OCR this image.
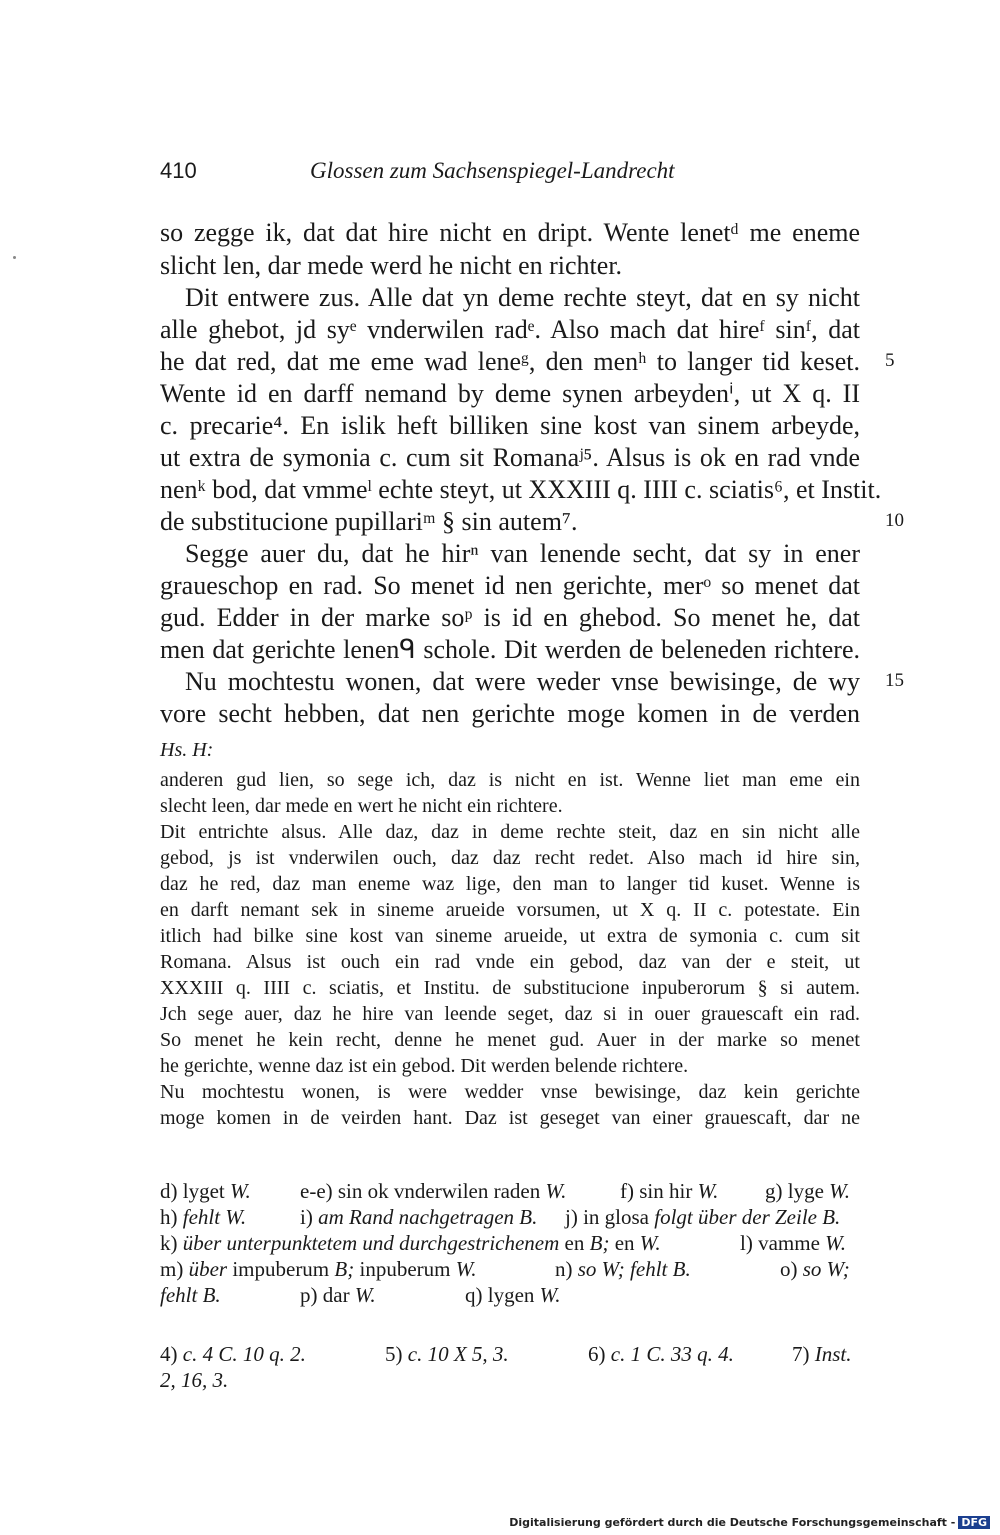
410	Glossen zum Sachsenspiegel-Landrecht
so zegge ik, dat dat hire nicht en dript. Wente lenetᵈ me eneme
slicht len, dar mede werd he nicht en richter.
Dit entwere zus. Alle dat yn deme rechte steyt, dat en sy nicht
alle ghebot, jd syᵉ vnderwilen radᵉ. Also mach dat hireᶠ sinᶠ, dat
he dat red, dat me eme wad leneᵍ, den menʰ to langer tid keset.
Wente id en darff nemand by deme synen arbeydenⁱ, ut X q. II
c. precarie⁴. En islik heft billiken sine kost van sinem arbeyde,
ut extra de symonia c. cum sit Romanaʲ⁵. Alsus is ok en rad vnde
nenᵏ bod, dat vmmeˡ echte steyt, ut XXXIII q. IIII c. sciatis⁶, et Instit.
de substitucione pupillariᵐ § sin autem⁷.
Segge auer du, dat he hirⁿ van lenende secht, dat sy in ener
graueschop en rad. So menet id nen gerichte, merᵒ so menet dat
gud. Edder in der marke soᵖ is id en ghebod. So menet he, dat
men dat gerichte lenenᑫ schole. Dit werden de beleneden richtere.
Nu mochtestu wonen, dat were weder vnse bewisinge, de wy
vore secht hebben, dat nen gerichte moge komen in de verden
5
10
15
Hs. H:
anderen gud lien, so sege ich, daz is nicht en ist. Wenne liet man eme ein
slecht leen, dar mede en wert he nicht ein richtere.
Dit entrichte alsus. Alle daz, daz in deme rechte steit, daz en sin nicht alle
gebod, js ist vnderwilen ouch, daz daz recht redet. Also mach id hire sin,
daz he red, daz man eneme waz lige, den man to langer tid kuset. Wenne is
en darft nemant sek in sineme arueide vorsumen, ut X q. II c. potestate. Ein
itlich had bilke sine kost van sineme arueide, ut extra de symonia c. cum sit
Romana. Alsus ist ouch ein rad vnde ein gebod, daz van der e steit, ut
XXXIII q. IIII c. sciatis, et Institu. de substitucione inpuberorum § si autem.
Jch sege auer, daz he hire van leende seget, daz si in ouer grauescaft ein rad.
So menet he kein recht, denne he menet gud. Auer in der marke so menet
he gerichte, wenne daz ist ein gebod. Dit werden belende richtere.
Nu mochtestu wonen, is were wedder vnse bewisinge, daz kein gerichte
moge komen in de veirden hant. Daz ist geseget van einer grauescaft, dar ne
d) lyget W. e-e) sin ok vnderwilen raden W.	f) sin hir W. g) lyge W.
h) fehlt W.	i) am Rand nachgetragen B. j) in glosa folgt über der Zeile B.
k) über unterpunktetem und durchgestrichenem en B; en W.	l) vamme W.
m) über impuberum B; inpuberum W.	n) so W; fehlt B.	o) so W;
fehlt B.	p) dar W.	q) lygen W.
4) c. 4 C. 10 q. 2.	5) c. 10 X 5, 3.	6) c. 1 C. 33 q. 4.	7) Inst.
2, 16, 3.
Digitalisierung gefördert durch die Deutsche Forschungsgemeinschaft - DFG
